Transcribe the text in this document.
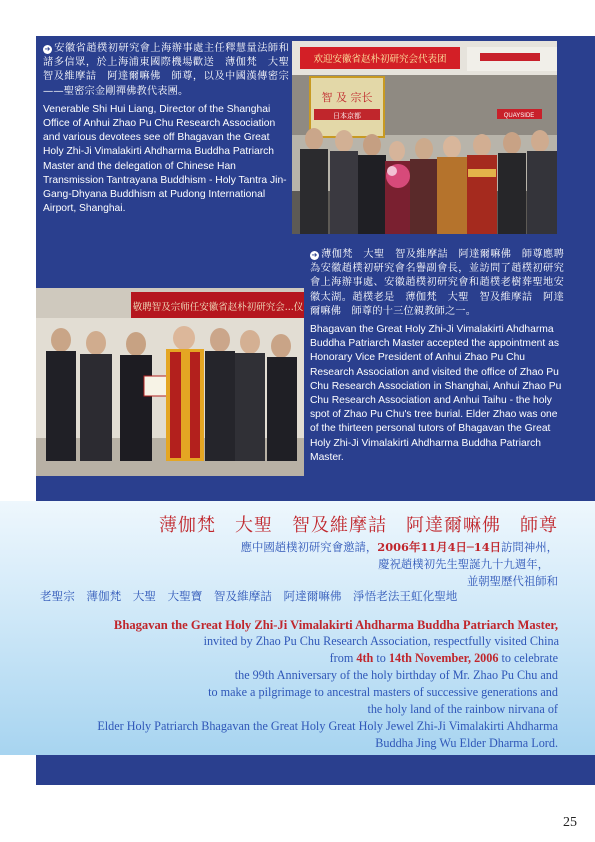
欢迎安徽省赵朴初研究会代表团
智 及 宗长
日本京都	QUAYSIDE

➜ 安徽省趙樸初研究會上海辦事處主任釋慧量法師和諸多信眾，於上海浦東國際機場歡送　薄伽梵　大聖　智及維摩詰　阿達爾嘛佛　師尊，以及中國漢傳密宗——聖密宗金剛禪佛教代表團。
Venerable Shi Hui Liang, Director of the Shanghai Office of Anhui Zhao Pu Chu Research Association and various devotees see off Bhagavan the Great Holy Zhi-Ji Vimalakirti Ahdharma Buddha Patriarch Master and the delegation of Chinese Han Transmission Tantrayana Buddhism - Holy Tantra Jin-Gang-Dhyana Buddhism at Pudong International Airport, Shanghai.

敬聘智及宗师任安徽省赵朴初研究会...仪

➜ 薄伽梵　大聖　智及維摩詰　阿達爾嘛佛　師尊應聘為安徽趙樸初研究會名譽副會長，並訪問了趙樸初研究會上海辦事處、安徽趙樸初研究會和趙樸老樹葬聖地安徽太湖。趙樸老是　薄伽梵　大聖　智及維摩詰　阿達爾嘛佛　師尊的十三位親教師之一。
Bhagavan the Great Holy Zhi-Ji Vimalakirti Ahdharma Buddha Patriarch Master accepted the appointment as Honorary Vice President of Anhui Zhao Pu Chu Research Association and visited the office of Zhao Pu Chu Research Association in Shanghai, Anhui Zhao Pu Chu Research Association and Anhui Taihu - the holy spot of Zhao Pu Chu's tree burial. Elder Zhao was one of the thirteen personal tutors of Bhagavan the Great Holy Zhi-Ji Vimalakirti Ahdharma Buddha Patriarch Master.

薄伽梵　大聖　智及維摩詰　阿達爾嘛佛　師尊

應中國趙樸初研究會邀請，2006年11月4日─14日訪問神州，

慶祝趙樸初先生聖誕九十九週年，

並朝聖歷代祖師和

老聖宗　薄伽梵　大聖　大聖寶　智及維摩詰　阿達爾嘛佛　淨悟老法王虹化聖地

Bhagavan the Great Holy Zhi-Ji Vimalakirti Ahdharma Buddha Patriarch Master,

invited by Zhao Pu Chu Research Association, respectfully visited China

from 4th to 14th November, 2006 to celebrate

the 99th Anniversary of the holy birthday of Mr. Zhao Pu Chu and

to make a pilgrimage to ancestral masters of successive generations and

the holy land of the rainbow nirvana of

Elder Holy Patriarch Bhagavan the Great Holy Great Holy Jewel Zhi-Ji Vimalakirti Ahdharma

Buddha Jing Wu Elder Dharma Lord.

25
